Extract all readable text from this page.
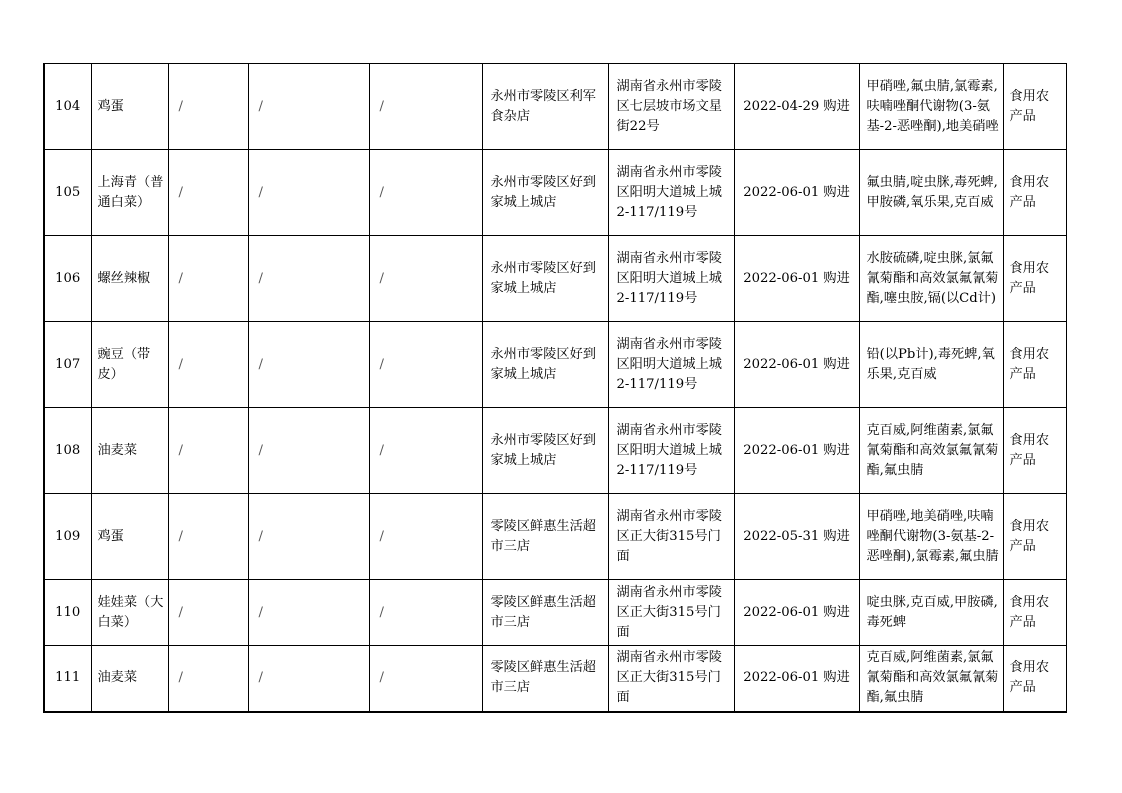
104	鸡蛋	/	/	/	永州市零陵区利军食杂店	湖南省永州市零陵区七层坡市场文星街22号	2022-04-29 购进	甲硝唑,氟虫腈,氯霉素,呋喃唑酮代谢物(3-氨基-2-恶唑酮),地美硝唑	食用农产品
105	上海青（普通白菜）	/	/	/	永州市零陵区好到家城上城店	湖南省永州市零陵区阳明大道城上城2-117/119号	2022-06-01 购进	氟虫腈,啶虫脒,毒死蜱,甲胺磷,氧乐果,克百威	食用农产品
106	螺丝辣椒	/	/	/	永州市零陵区好到家城上城店	湖南省永州市零陵区阳明大道城上城2-117/119号	2022-06-01 购进	水胺硫磷,啶虫脒,氯氟氰菊酯和高效氯氟氰菊酯,噻虫胺,镉(以Cd计)	食用农产品
107	豌豆（带皮）	/	/	/	永州市零陵区好到家城上城店	湖南省永州市零陵区阳明大道城上城2-117/119号	2022-06-01 购进	铅(以Pb计),毒死蜱,氧乐果,克百威	食用农产品
108	油麦菜	/	/	/	永州市零陵区好到家城上城店	湖南省永州市零陵区阳明大道城上城2-117/119号	2022-06-01 购进	克百威,阿维菌素,氯氟氰菊酯和高效氯氟氰菊酯,氟虫腈	食用农产品
109	鸡蛋	/	/	/	零陵区鲜惠生活超市三店	湖南省永州市零陵区正大街315号门面	2022-05-31 购进	甲硝唑,地美硝唑,呋喃唑酮代谢物(3-氨基-2-恶唑酮),氯霉素,氟虫腈	食用农产品
110	娃娃菜（大白菜）	/	/	/	零陵区鲜惠生活超市三店	湖南省永州市零陵区正大街315号门面	2022-06-01 购进	啶虫脒,克百威,甲胺磷,毒死蜱	食用农产品
111	油麦菜	/	/	/	零陵区鲜惠生活超市三店	湖南省永州市零陵区正大街315号门面	2022-06-01 购进	克百威,阿维菌素,氯氟氰菊酯和高效氯氟氰菊酯,氟虫腈	食用农产品
